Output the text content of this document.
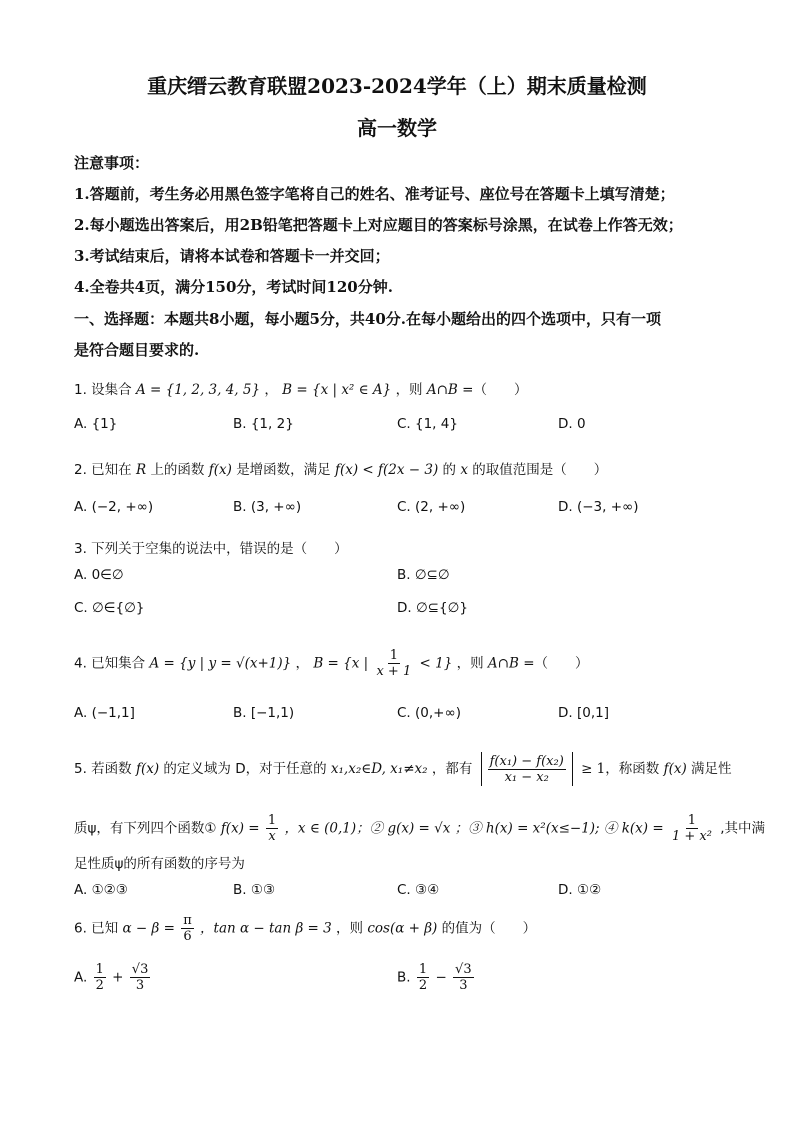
重庆缙云教育联盟2023-2024学年（上）期末质量检测
高一数学
注意事项：
1.答题前，考生务必用黑色签字笔将自己的姓名、准考证号、座位号在答题卡上填写清楚；
2.每小题选出答案后，用2B铅笔把答题卡上对应题目的答案标号涂黑，在试卷上作答无效；
3.考试结束后，请将本试卷和答题卡一并交回；
4.全卷共4页，满分150分，考试时间120分钟.
一、选择题：本题共8小题，每小题5分，共40分.在每小题给出的四个选项中，只有一项
是符合题目要求的.
1. 设集合 A = {1, 2, 3, 4, 5} ， B = {x | x² ∈ A} ，则 A∩B =（　　）
A. {1}	B. {1, 2}	C. {1, 4}	D. 0
2. 已知在 R 上的函数 f(x) 是增函数，满足 f(x) < f(2x − 3) 的 x 的取值范围是（　　）
A. (−2, +∞)	B. (3, +∞)	C. (2, +∞)	D. (−3, +∞)
3. 下列关于空集的说法中，错误的是（　　）
A. 0∈∅	B. ∅⊆∅
C. ∅∈{∅}	D. ∅⊆{∅}
4. 已知集合 A = {y | y = √(x+1)} ， B = {x | $\frac{1}{x + 1} < 1$} ，则 A∩B =（　　）
A. (−1,1]	B. [−1,1)	C. (0,+∞)	D. [0,1]
5. 若函数 f(x) 的定义域为 D，对于任意的 x₁,x₂∈D, x₁≠x₂ ，都有 $\frac{\text{f(x₁) − f(x₂)}}{\text{x₁ − x₂}} \ge 1$，称函数 f(x) 满足性
质ψ，有下列四个函数① $f(x) = \frac{1}{x}$ ，x ∈ (0,1)；② g(x) = √x ；③ h(x) = x²(x≤−1); ④ $k(x) = \frac{1}{\text{1 + x²}}$ ,其中满
足性质ψ的所有函数的序号为
A. ①②③	B. ①③	C. ③④	D. ①②
6. 已知 $\alpha - \beta = \frac{\pi}{6}$ ，tan α − tan β = 3 ，则 cos(α + β) 的值为（　　）
A. $\frac{1}{2} + \frac{√3}{3}$	B. $\frac{1}{2} - \frac{√3}{3}$
